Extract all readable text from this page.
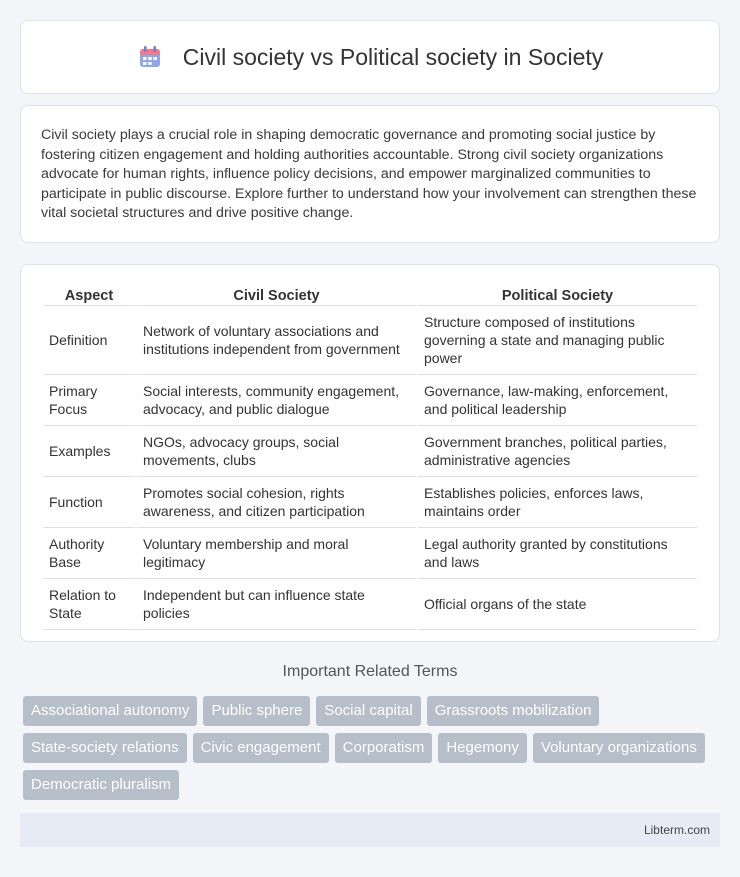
Civil society vs Political society in Society

Civil society plays a crucial role in shaping democratic governance and promoting social justice by fostering citizen engagement and holding authorities accountable. Strong civil society organizations advocate for human rights, influence policy decisions, and empower marginalized communities to participate in public discourse. Explore further to understand how your involvement can strengthen these vital societal structures and drive positive change.

Aspect	Civil Society	Political Society
Definition	Network of voluntary associations and institutions independent from government	Structure composed of institutions governing a state and managing public power
Primary Focus	Social interests, community engagement, advocacy, and public dialogue	Governance, law-making, enforcement, and political leadership
Examples	NGOs, advocacy groups, social movements, clubs	Government branches, political parties, administrative agencies
Function	Promotes social cohesion, rights awareness, and citizen participation	Establishes policies, enforces laws, maintains order
Authority Base	Voluntary membership and moral legitimacy	Legal authority granted by constitutions and laws
Relation to State	Independent but can influence state policies	Official organs of the state
Important Related Terms
Associational autonomy	Public sphere	Social capital	Grassroots mobilization
State-society relations	Civic engagement	Corporatism	Hegemony	Voluntary organizations
Democratic pluralism
Libterm.com
